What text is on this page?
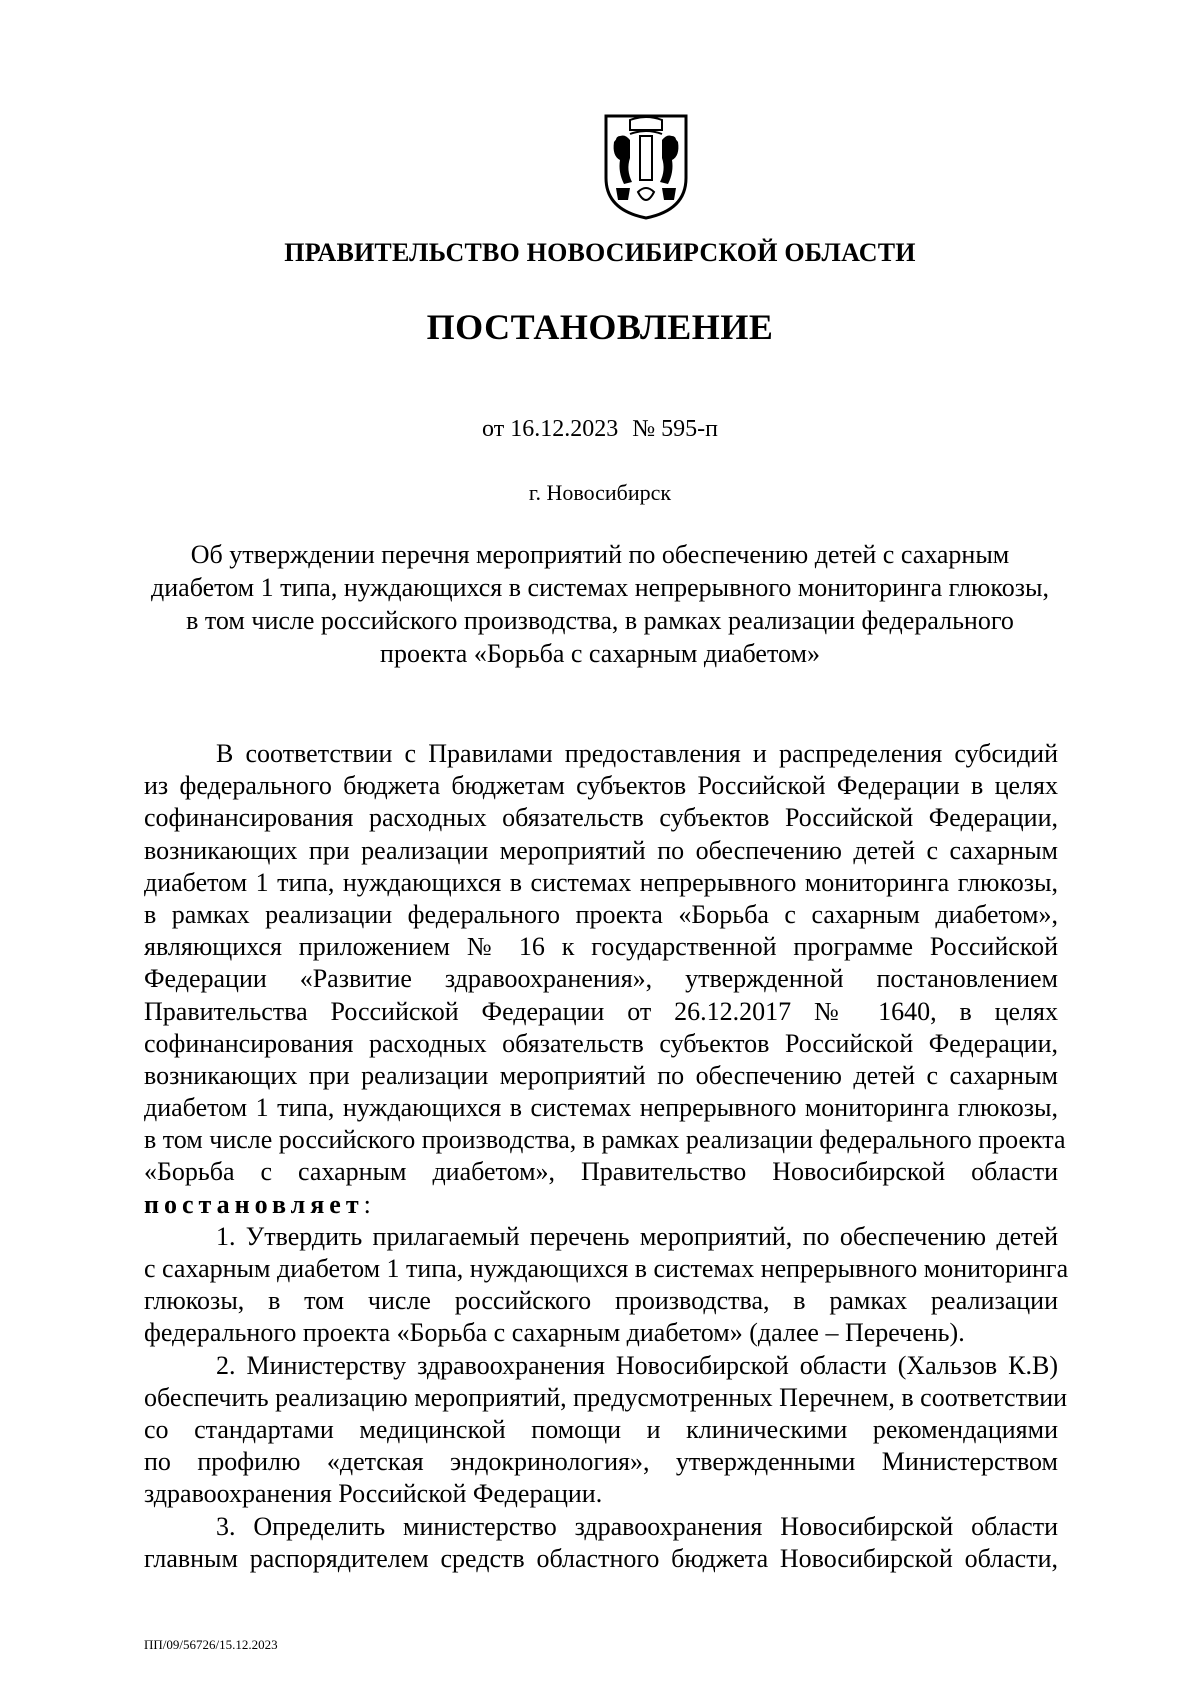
ПРАВИТЕЛЬСТВО НОВОСИБИРСКОЙ ОБЛАСТИ
ПОСТАНОВЛЕНИЕ
от 16.12.2023 № 595-п
г. Новосибирск
Об утверждении перечня мероприятий по обеспечению детей с сахарным
диабетом 1 типа, нуждающихся в системах непрерывного мониторинга глюкозы,
в том числе российского производства, в рамках реализации федерального
проекта «Борьба с сахарным диабетом»
В соответствии с Правилами предоставления и распределения субсидий
из федерального бюджета бюджетам субъектов Российской Федерации в целях
софинансирования расходных обязательств субъектов Российской Федерации,
возникающих при реализации мероприятий по обеспечению детей с сахарным
диабетом 1 типа, нуждающихся в системах непрерывного мониторинга глюкозы,
в рамках реализации федерального проекта «Борьба с сахарным диабетом»,
являющихся приложением № 16 к государственной программе Российской
Федерации «Развитие здравоохранения», утвержденной постановлением
Правительства Российской Федерации от 26.12.2017 № 1640, в целях
софинансирования расходных обязательств субъектов Российской Федерации,
возникающих при реализации мероприятий по обеспечению детей с сахарным
диабетом 1 типа, нуждающихся в системах непрерывного мониторинга глюкозы,
в том числе российского производства, в рамках реализации федерального проекта
«Борьба с сахарным диабетом», Правительство Новосибирской области
постановляет:
1. Утвердить прилагаемый перечень мероприятий, по обеспечению детей
с сахарным диабетом 1 типа, нуждающихся в системах непрерывного мониторинга
глюкозы, в том числе российского производства, в рамках реализации
федерального проекта «Борьба с сахарным диабетом» (далее – Перечень).
2. Министерству здравоохранения Новосибирской области (Хальзов К.В)
обеспечить реализацию мероприятий, предусмотренных Перечнем, в соответствии
со стандартами медицинской помощи и клиническими рекомендациями
по профилю «детская эндокринология», утвержденными Министерством
здравоохранения Российской Федерации.
3. Определить министерство здравоохранения Новосибирской области
главным распорядителем средств областного бюджета Новосибирской области,
ПП/09/56726/15.12.2023
